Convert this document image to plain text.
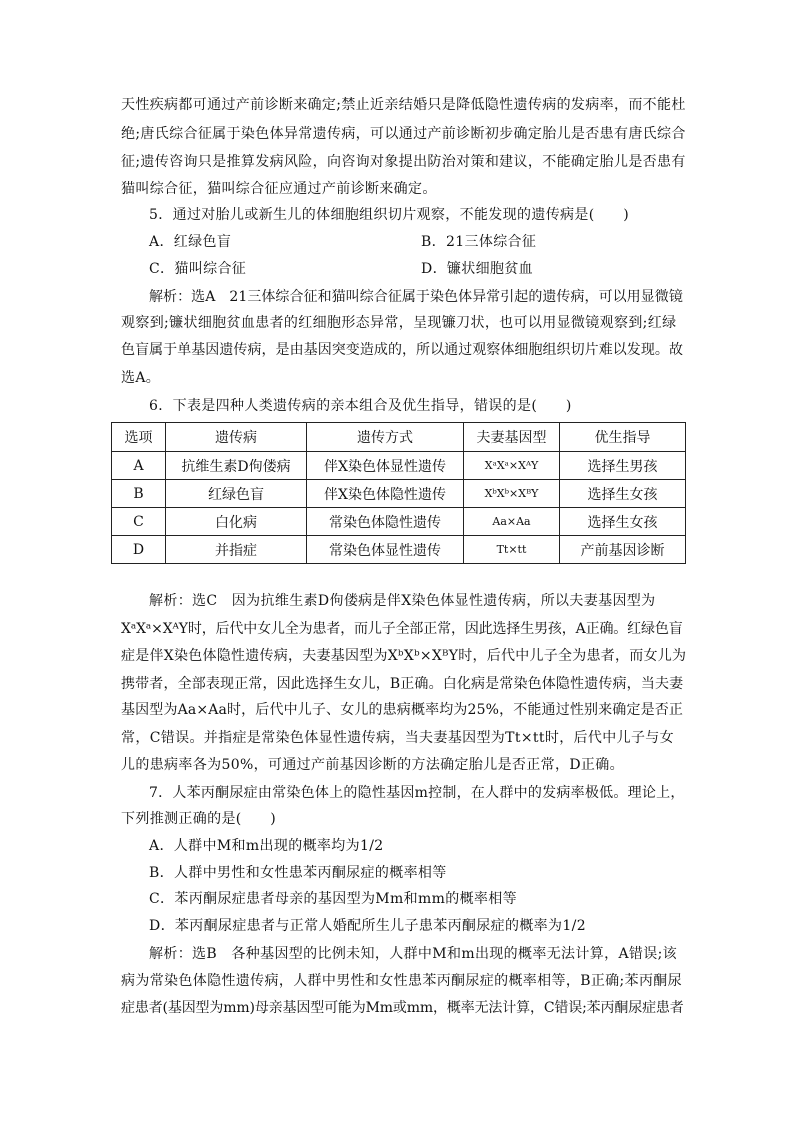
天性疾病都可通过产前诊断来确定;禁止近亲结婚只是降低隐性遗传病的发病率，而不能杜
绝;唐氏综合征属于染色体异常遗传病，可以通过产前诊断初步确定胎儿是否患有唐氏综合
征;遗传咨询只是推算发病风险，向咨询对象提出防治对策和建议，不能确定胎儿是否患有
猫叫综合征，猫叫综合征应通过产前诊断来确定。
5．通过对胎儿或新生儿的体细胞组织切片观察，不能发现的遗传病是(　　)
A．红绿色盲	B．21三体综合征
C．猫叫综合征	D．镰状细胞贫血
解析：选A　21三体综合征和猫叫综合征属于染色体异常引起的遗传病，可以用显微镜
观察到;镰状细胞贫血患者的红细胞形态异常，呈现镰刀状，也可以用显微镜观察到;红绿
色盲属于单基因遗传病，是由基因突变造成的，所以通过观察体细胞组织切片难以发现。故
选A。
6．下表是四种人类遗传病的亲本组合及优生指导，错误的是(　　)
选项	遗传病	遗传方式	夫妻基因型	优生指导
A	抗维生素D佝偻病	伴X染色体显性遗传	XᵃXᵃ×XᴬY	选择生男孩
B	红绿色盲	伴X染色体隐性遗传	XᵇXᵇ×XᴮY	选择生女孩
C	白化病	常染色体隐性遗传	Aa×Aa	选择生女孩
D	并指症	常染色体显性遗传	Tt×tt	产前基因诊断
解析：选C　因为抗维生素D佝偻病是伴X染色体显性遗传病，所以夫妻基因型为
XᵃXᵃ×XᴬY时，后代中女儿全为患者，而儿子全部正常，因此选择生男孩，A正确。红绿色盲
症是伴X染色体隐性遗传病，夫妻基因型为XᵇXᵇ×XᴮY时，后代中儿子全为患者，而女儿为
携带者，全部表现正常，因此选择生女儿，B正确。白化病是常染色体隐性遗传病，当夫妻
基因型为Aa×Aa时，后代中儿子、女儿的患病概率均为25%，不能通过性别来确定是否正
常，C错误。并指症是常染色体显性遗传病，当夫妻基因型为Tt×tt时，后代中儿子与女
儿的患病率各为50%，可通过产前基因诊断的方法确定胎儿是否正常，D正确。
7．人苯丙酮尿症由常染色体上的隐性基因m控制，在人群中的发病率极低。理论上，
下列推测正确的是(　　)
A．人群中M和m出现的概率均为1/2
B．人群中男性和女性患苯丙酮尿症的概率相等
C．苯丙酮尿症患者母亲的基因型为Mm和mm的概率相等
D．苯丙酮尿症患者与正常人婚配所生儿子患苯丙酮尿症的概率为1/2
解析：选B　各种基因型的比例未知，人群中M和m出现的概率无法计算，A错误;该
病为常染色体隐性遗传病，人群中男性和女性患苯丙酮尿症的概率相等，B正确;苯丙酮尿
症患者(基因型为mm)母亲基因型可能为Mm或mm，概率无法计算，C错误;苯丙酮尿症患者
